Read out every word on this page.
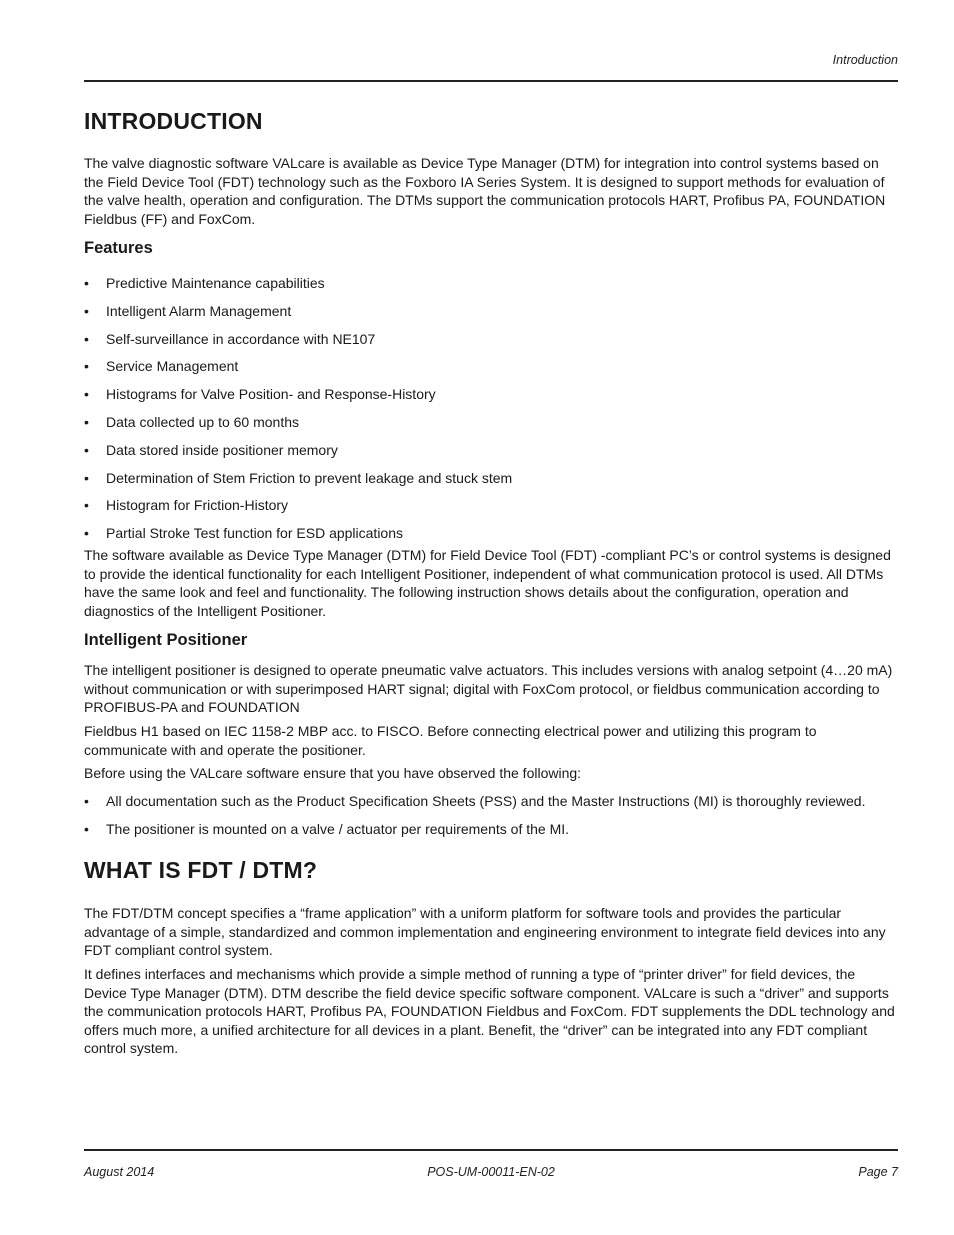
Introduction
INTRODUCTION

The valve diagnostic software VALcare is available as Device Type Manager (DTM) for integration into control systems based on the Field Device Tool (FDT) technology such as the Foxboro IA Series System. It is designed to support methods for evaluation of the valve health, operation and configuration. The DTMs support the communication protocols HART, Profibus PA, FOUNDATION Fieldbus (FF) and FoxCom.

Features
• Predictive Maintenance capabilities
• Intelligent Alarm Management
• Self-surveillance in accordance with NE107
• Service Management
• Histograms for Valve Position- and Response-History
• Data collected up to 60 months
• Data stored inside positioner memory
• Determination of Stem Friction to prevent leakage and stuck stem
• Histogram for Friction-History
• Partial Stroke Test function for ESD applications

The software available as Device Type Manager (DTM) for Field Device Tool (FDT) -compliant PC’s or control systems is designed to provide the identical functionality for each Intelligent Positioner, independent of what communication protocol is used. All DTMs have the same look and feel and functionality. The following instruction shows details about the configuration, operation and diagnostics of the Intelligent Positioner.

Intelligent Positioner

The intelligent positioner is designed to operate pneumatic valve actuators. This includes versions with analog setpoint (4…20 mA) without communication or with superimposed HART signal; digital with FoxCom protocol, or fieldbus communication according to PROFIBUS-PA and FOUNDATION

Fieldbus H1 based on IEC 1158-2 MBP acc. to FISCO. Before connecting electrical power and utilizing this program to communicate with and operate the positioner.

Before using the VALcare software ensure that you have observed the following:

• All documentation such as the Product Specification Sheets (PSS) and the Master Instructions (MI) is thoroughly reviewed.
• The positioner is mounted on a valve / actuator per requirements of the MI.
WHAT IS FDT / DTM?

The FDT/DTM concept specifies a “frame application” with a uniform platform for software tools and provides the particular advantage of a simple, standardized and common implementation and engineering environment to integrate field devices into any FDT compliant control system.

It defines interfaces and mechanisms which provide a simple method of running a type of “printer driver” for field devices, the Device Type Manager (DTM). DTM describe the field device specific software component. VALcare is such a “driver” and supports the communication protocols HART, Profibus PA, FOUNDATION Fieldbus and FoxCom. FDT supplements the DDL technology and offers much more, a unified architecture for all devices in a plant. Benefit, the “driver” can be integrated into any FDT compliant control system.

August 2014	POS-UM-00011-EN-02	Page 7
